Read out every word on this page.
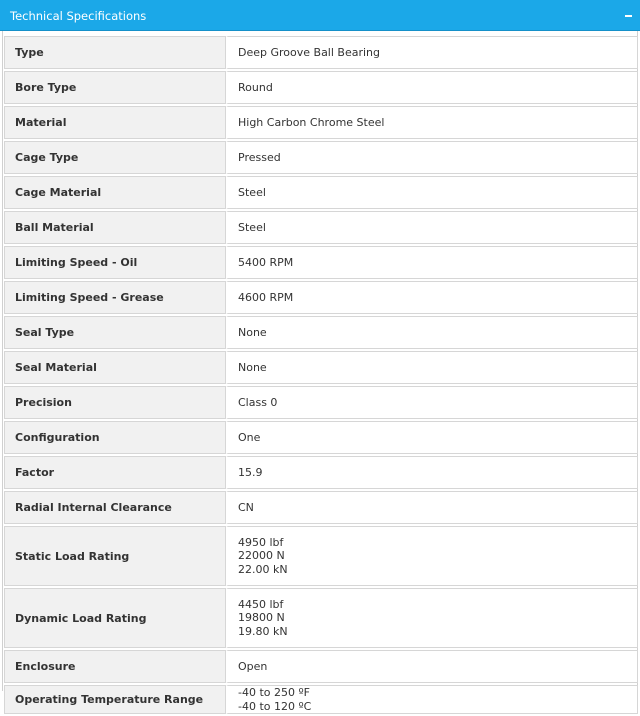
Technical Specifications
Type	Deep Groove Ball Bearing

Bore Type	Round

Material	High Carbon Chrome Steel

Cage Type	Pressed

Cage Material	Steel

Ball Material	Steel

Limiting Speed - Oil	5400 RPM

Limiting Speed - Grease	4600 RPM

Seal Type	None

Seal Material	None

Precision	Class 0

Configuration	One

Factor	15.9

Radial Internal Clearance	CN

Static Load Rating	4950 lbf
22000 N
22.00 kN

Dynamic Load Rating	4450 lbf
19800 N
19.80 kN

Enclosure	Open

Operating Temperature Range	-40 to 250 ºF
-40 to 120 ºC
